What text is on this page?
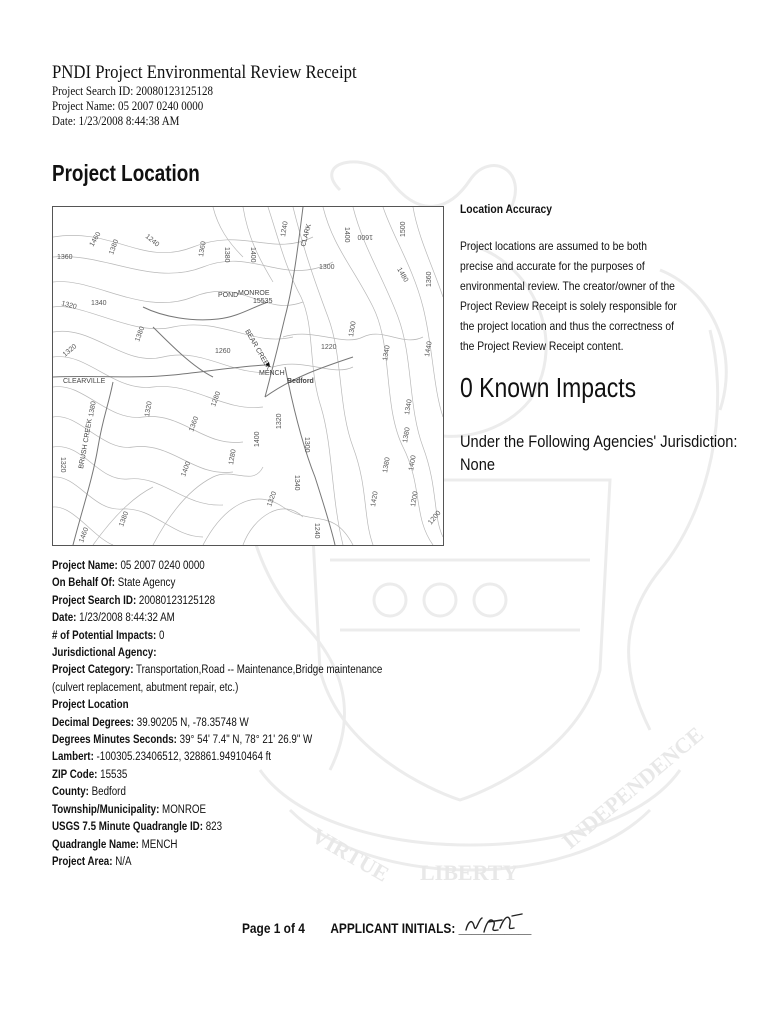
VIRTUE LIBERTY
INDEPENDENCE
PNDI Project Environmental Review Receipt
Project Search ID: 20080123125128
Project Name: 05 2007 0240 0000
Date: 1/23/2008 8:44:38 AM
Project Location
MONROE
15535
POND
MENCH
Bedford
CLEARVILLE
BRUSH CREEK
CLARK
BEAR CREEK
1360
1460 1380	1240	1360 1380	1400
1240	1400 1600	1500
1480 1360
1300
1320 1340
1380
1260
1220
1300
1340	1440
1340
1320
1380
1280
1320
1300
1400	1380
1320
1360
1280
1340
1380 1400
1420
1400
1320
1320	1200
1240
1380
1460
1200
Location Accuracy
Project locations are assumed to be both
precise and accurate for the purposes of
environmental review. The creator/owner of the
Project Review Receipt is solely responsible for
the project location and thus the correctness of
the Project Review Receipt content.
0 Known Impacts
Under the Following Agencies' Jurisdiction:
None
Project Name: 05 2007 0240 0000
On Behalf Of: State Agency
Project Search ID: 20080123125128
Date: 1/23/2008 8:44:32 AM
# of Potential Impacts: 0
Jurisdictional Agency:
Project Category: Transportation,Road -- Maintenance,Bridge maintenance
(culvert replacement, abutment repair, etc.)
Project Location
Decimal Degrees: 39.90205 N, -78.35748 W
Degrees Minutes Seconds: 39° 54' 7.4" N, 78° 21' 26.9" W
Lambert: -100305.23406512, 328861.94910464 ft
ZIP Code: 15535
County: Bedford
Township/Municipality: MONROE
USGS 7.5 Minute Quadrangle ID: 823
Quadrangle Name: MENCH
Project Area: N/A
Page 1 of 4 APPLICANT INITIALS: ___________
